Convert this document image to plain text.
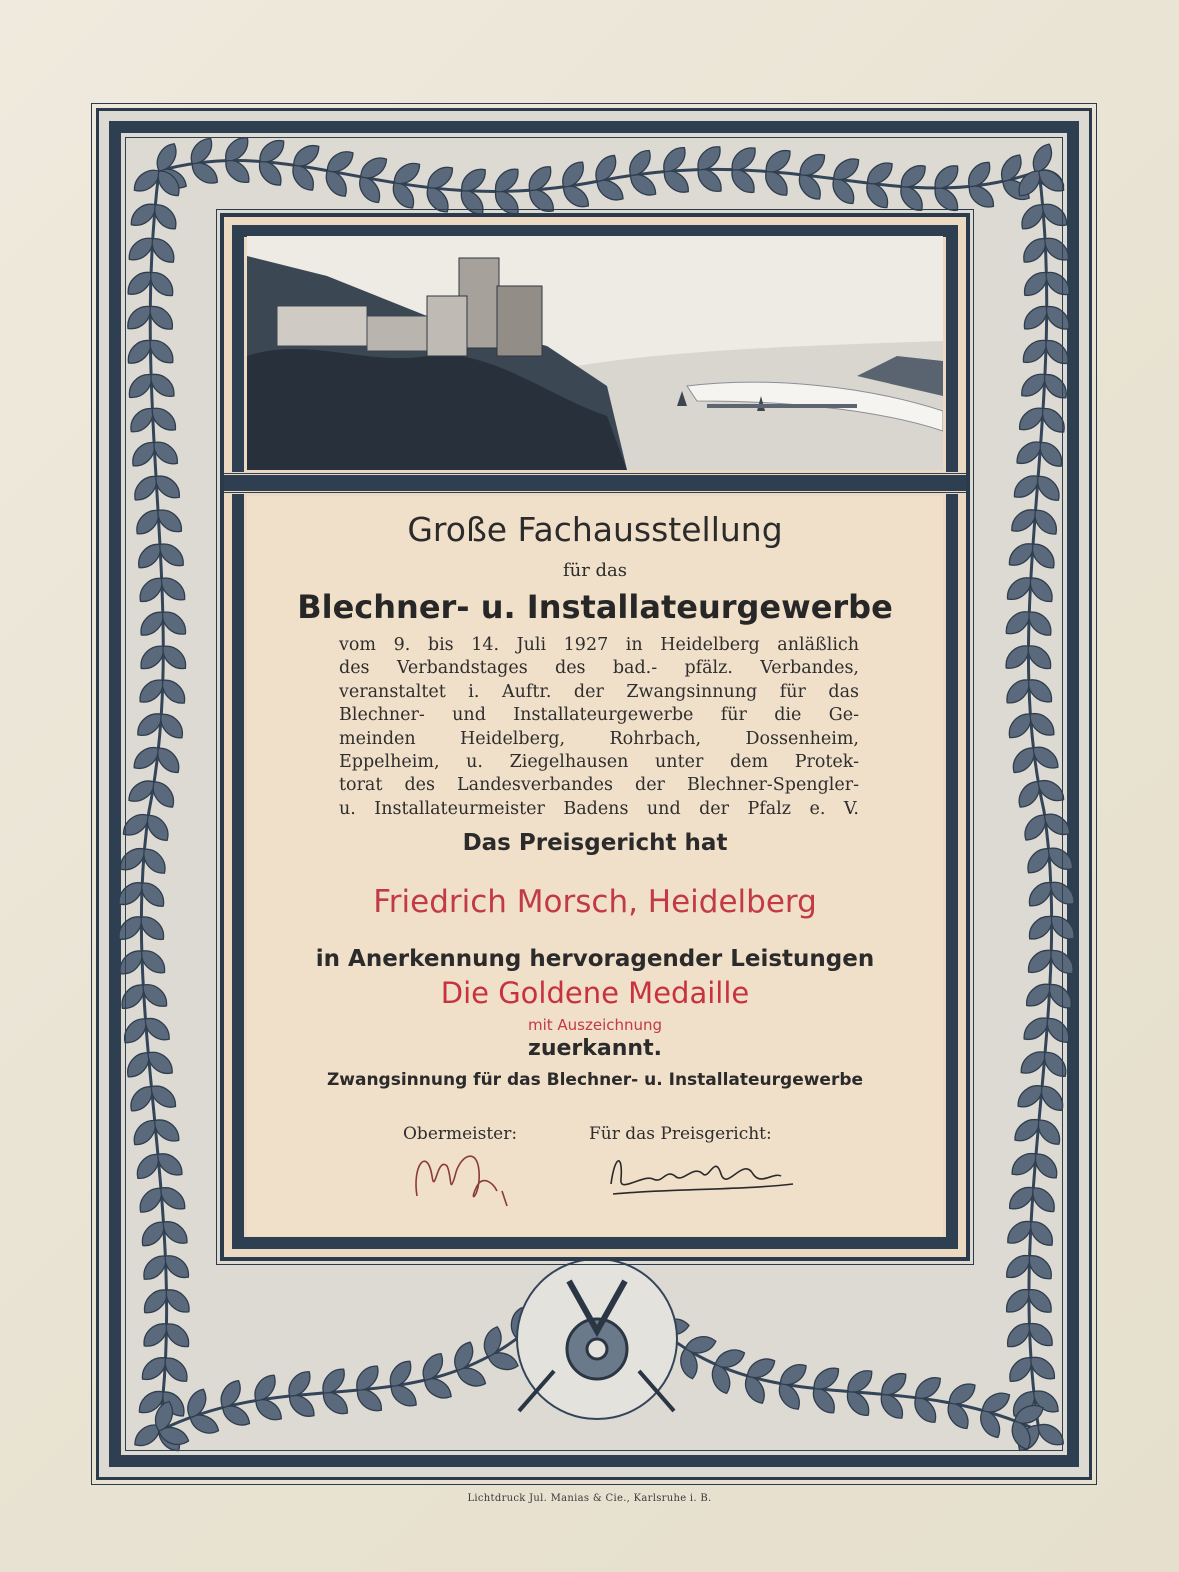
Große Fachausstellung

für das

Blechner- u. Installateurgewerbe

vom 9. bis 14. Juli 1927 in Heidelberg anläßlich
des Verbandstages des bad.- pfälz. Verbandes,
veranstaltet i. Auftr. der Zwangsinnung für das
Blechner- und Installateurgewerbe für die Ge-
meinden Heidelberg, Rohrbach, Dossenheim,
Eppelheim, u. Ziegelhausen unter dem Protek-
torat des Landesverbandes der Blechner-Spengler-
u. Installateurmeister Badens und der Pfalz e. V.

Das Preisgericht hat

Friedrich Morsch, Heidelberg

in Anerkennung hervoragender Leistungen

Die Goldene Medaille

mit Auszeichnung

zuerkannt.

Zwangsinnung für das Blechner- u. Installateurgewerbe

Obermeister:	Für das Preisgericht:
Lichtdruck Jul. Manias & Cie., Karlsruhe i. B.
